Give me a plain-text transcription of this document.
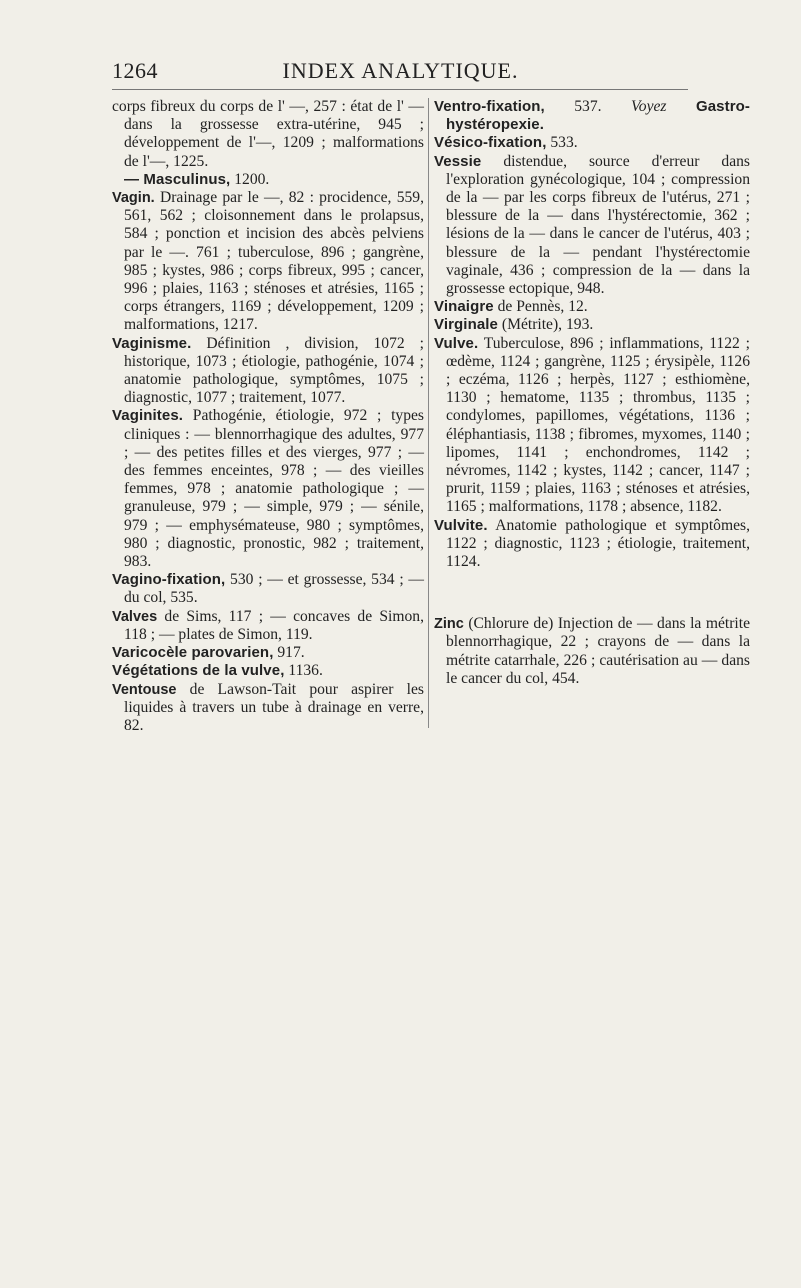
1264	INDEX ANALYTIQUE.

corps fibreux du corps de l' —, 257 : état de l' — dans la grossesse extra-utérine, 945 ; développement de l'—, 1209 ; malformations de l'—, 1225.

— Masculinus, 1200.

Vagin. Drainage par le —, 82 : procidence, 559, 561, 562 ; cloisonnement dans le prolapsus, 584 ; ponction et incision des abcès pelviens par le —. 761 ; tuberculose, 896 ; gangrène, 985 ; kystes, 986 ; corps fibreux, 995 ; cancer, 996 ; plaies, 1163 ; sténoses et atrésies, 1165 ; corps étrangers, 1169 ; développement, 1209 ; malformations, 1217.

Vaginisme. Définition , division, 1072 ; historique, 1073 ; étiologie, pathogénie, 1074 ; anatomie pathologique, symptômes, 1075 ; diagnostic, 1077 ; traitement, 1077.

Vaginites. Pathogénie, étiologie, 972 ; types cliniques : — blennorrhagique des adultes, 977 ; — des petites filles et des vierges, 977 ; — des femmes enceintes, 978 ; — des vieilles femmes, 978 ; anatomie pathologique ; — granuleuse, 979 ; — simple, 979 ; — sénile, 979 ; — emphysémateuse, 980 ; symptômes, 980 ; diagnostic, pronostic, 982 ; traitement, 983.

Vagino-fixation, 530 ; — et grossesse, 534 ; — du col, 535.

Valves de Sims, 117 ; — concaves de Simon, 118 ; — plates de Simon, 119.

Varicocèle parovarien, 917.

Végétations de la vulve, 1136.

Ventouse de Lawson-Tait pour aspirer les liquides à travers un tube à drainage en verre, 82.

Ventro-fixation, 537. Voyez Gastro-hystéropexie.

Vésico-fixation, 533.

Vessie distendue, source d'erreur dans l'exploration gynécologique, 104 ; compression de la — par les corps fibreux de l'utérus, 271 ; blessure de la — dans l'hystérectomie, 362 ; lésions de la — dans le cancer de l'utérus, 403 ; blessure de la — pendant l'hystérectomie vaginale, 436 ; compression de la — dans la grossesse ectopique, 948.

Vinaigre de Pennès, 12.

Virginale (Métrite), 193.

Vulve. Tuberculose, 896 ; inflammations, 1122 ; œdème, 1124 ; gangrène, 1125 ; érysipèle, 1126 ; eczéma, 1126 ; herpès, 1127 ; esthiomène, 1130 ; hematome, 1135 ; thrombus, 1135 ; condylomes, papillomes, végétations, 1136 ; éléphantiasis, 1138 ; fibromes, myxomes, 1140 ; lipomes, 1141 ; enchondromes, 1142 ; névromes, 1142 ; kystes, 1142 ; cancer, 1147 ; prurit, 1159 ; plaies, 1163 ; sténoses et atrésies, 1165 ; malformations, 1178 ; absence, 1182.

Vulvite. Anatomie pathologique et symptômes, 1122 ; diagnostic, 1123 ; étiologie, traitement, 1124.

Zinc (Chlorure de) Injection de — dans la métrite blennorrhagique, 22 ; crayons de — dans la métrite catarrhale, 226 ; cautérisation au — dans le cancer du col, 454.
